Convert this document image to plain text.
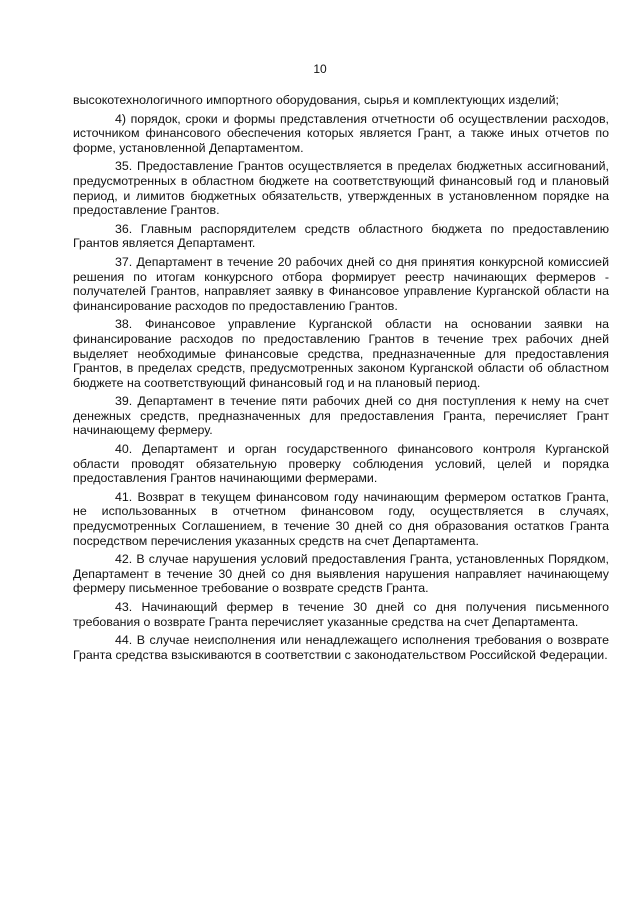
10

высокотехнологичного импортного оборудования, сырья и комплектующих изделий;

4) порядок, сроки и формы представления отчетности об осуществлении расходов, источником финансового обеспечения которых является Грант, а также иных отчетов по форме, установленной Департаментом.

35. Предоставление Грантов осуществляется в пределах бюджетных ассигнований, предусмотренных в областном бюджете на соответствующий финансовый год и плановый период, и лимитов бюджетных обязательств, утвержденных в установленном порядке на предоставление Грантов.

36. Главным распорядителем средств областного бюджета по предоставлению Грантов является Департамент.

37. Департамент в течение 20 рабочих дней со дня принятия конкурсной комиссией решения по итогам конкурсного отбора формирует реестр начинающих фермеров - получателей Грантов, направляет заявку в Финансовое управление Курганской области на финансирование расходов по предоставлению Грантов.

38. Финансовое управление Курганской области на основании заявки на финансирование расходов по предоставлению Грантов в течение трех рабочих дней выделяет необходимые финансовые средства, предназначенные для предоставления Грантов, в пределах средств, предусмотренных законом Курганской области об областном бюджете на соответствующий финансовый год и на плановый период.

39. Департамент в течение пяти рабочих дней со дня поступления к нему на счет денежных средств, предназначенных для предоставления Гранта, перечисляет Грант начинающему фермеру.

40. Департамент и орган государственного финансового контроля Курганской области проводят обязательную проверку соблюдения условий, целей и порядка предоставления Грантов начинающими фермерами.

41. Возврат в текущем финансовом году начинающим фермером остатков Гранта, не использованных в отчетном финансовом году, осуществляется в случаях, предусмотренных Соглашением, в течение 30 дней со дня образования остатков Гранта посредством перечисления указанных средств на счет Департамента.

42. В случае нарушения условий предоставления Гранта, установленных Порядком, Департамент в течение 30 дней со дня выявления нарушения направляет начинающему фермеру письменное требование о возврате средств Гранта.

43. Начинающий фермер в течение 30 дней со дня получения письменного требования о возврате Гранта перечисляет указанные средства на счет Департамента.

44. В случае неисполнения или ненадлежащего исполнения требования о возврате Гранта средства взыскиваются в соответствии с законодательством Российской Федерации.
